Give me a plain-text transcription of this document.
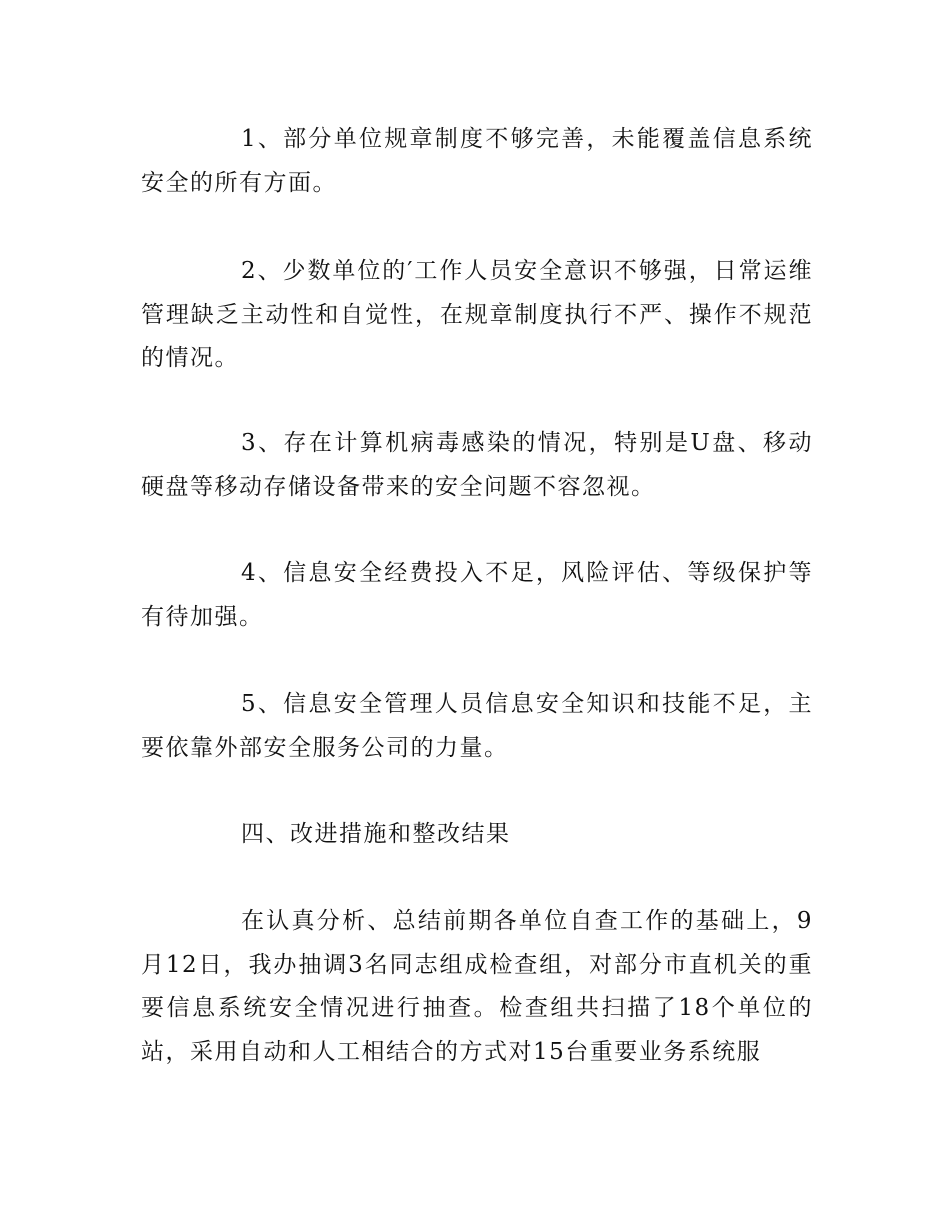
1、部分单位规章制度不够完善，未能覆盖信息系统安全的所有方面。

2、少数单位的′工作人员安全意识不够强，日常运维管理缺乏主动性和自觉性，在规章制度执行不严、操作不规范的情况。

3、存在计算机病毒感染的情况，特别是U盘、移动硬盘等移动存储设备带来的安全问题不容忽视。

4、信息安全经费投入不足，风险评估、等级保护等有待加强。

5、信息安全管理人员信息安全知识和技能不足，主要依靠外部安全服务公司的力量。

四、改进措施和整改结果

在认真分析、总结前期各单位自查工作的基础上，9月12日，我办抽调3名同志组成检查组，对部分市直机关的重要信息系统安全情况进行抽查。检查组共扫描了18个单位的站，采用自动和人工相结合的方式对15台重要业务系统服
